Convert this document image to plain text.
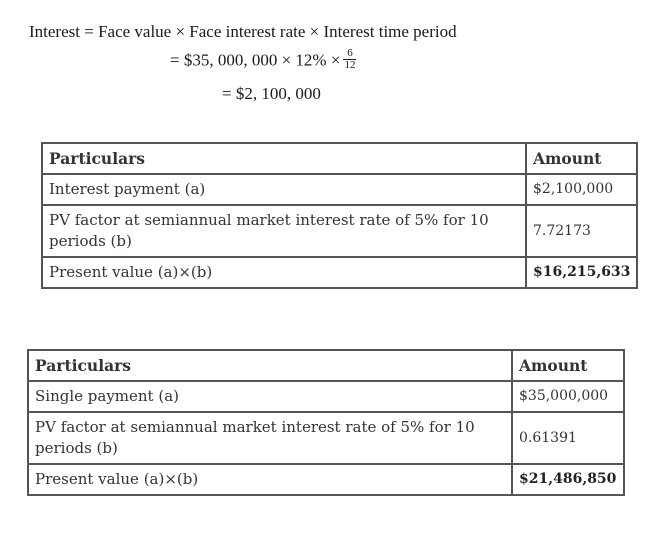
Interest = Face value × Face interest rate × Interest time period
= $35, 000, $000 \times 12\% \times \frac{6}{12}$
= $2, 100, 000
Particulars	Amount
Interest payment (a)	$2,100,000
PV factor at semiannual market interest rate of 5% for 10 periods (b)	7.72173
Present value (a)×(b)	$16,215,633
Particulars	Amount
Single payment (a)	$35,000,000
PV factor at semiannual market interest rate of 5% for 10 periods (b)	0.61391
Present value (a)×(b)	$21,486,850
